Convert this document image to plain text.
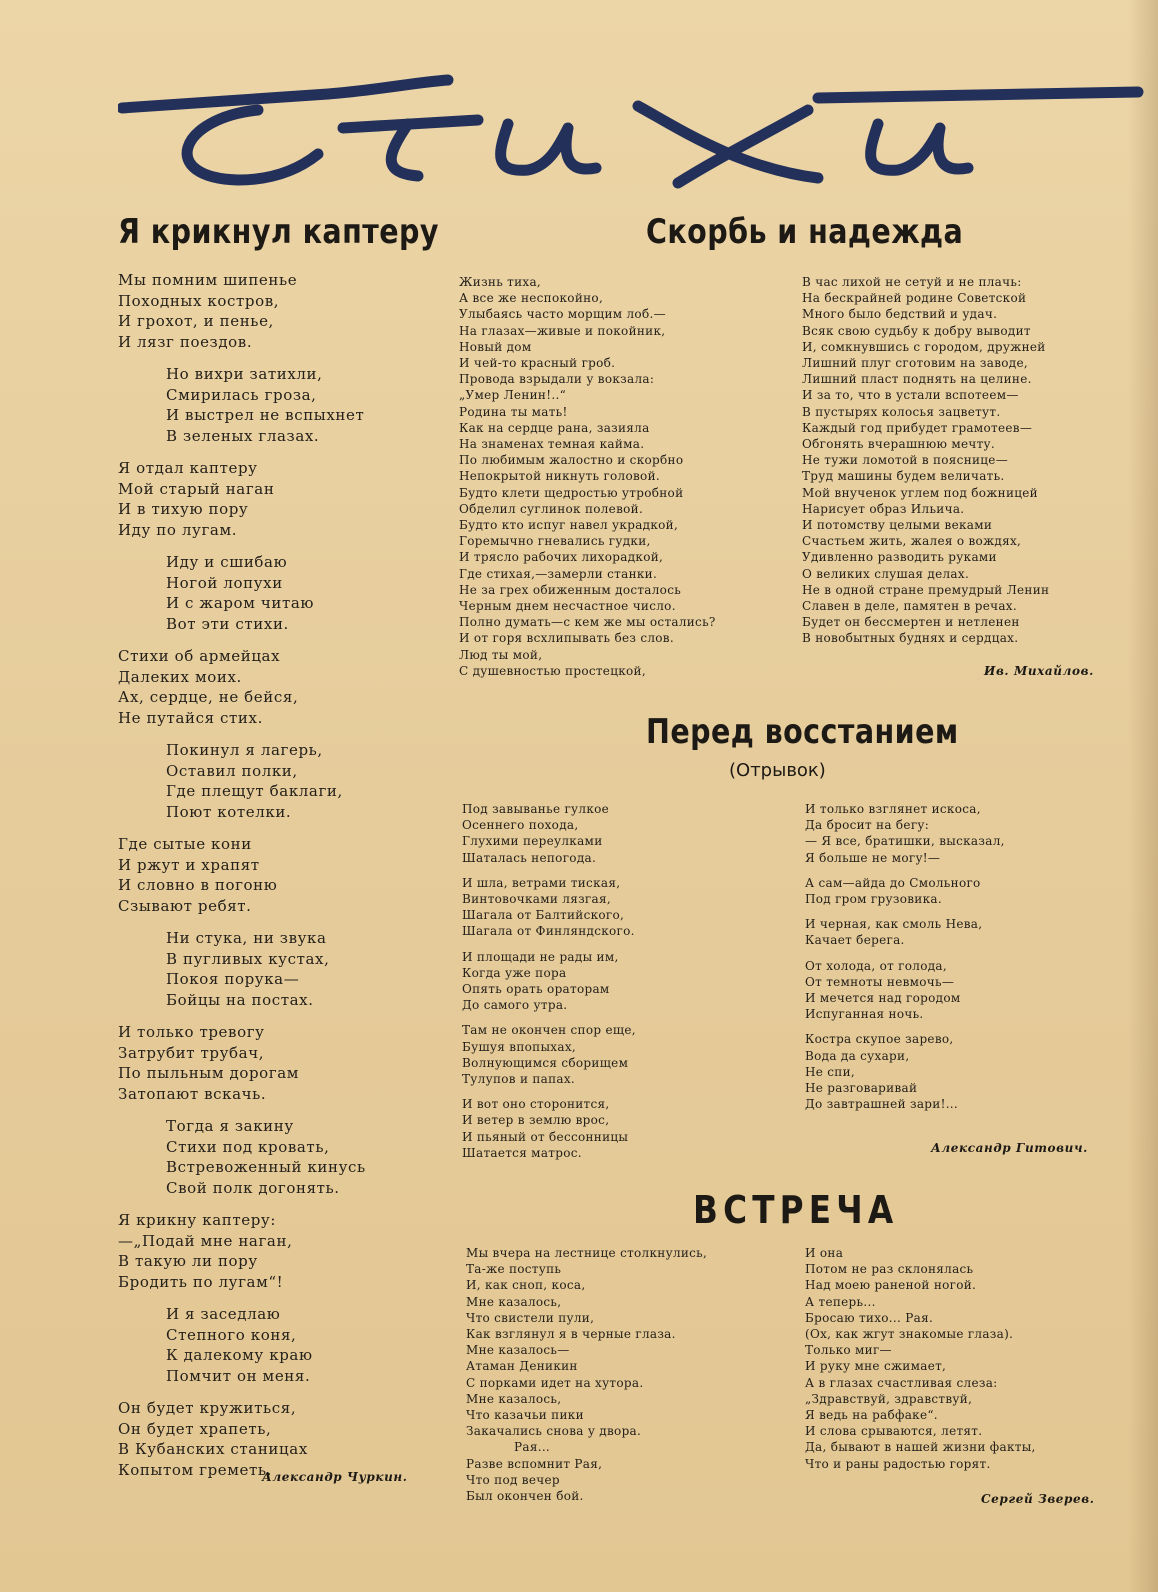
Я крикнул каптеру
Мы помним шипенье
Походных костров,
И грохот, и пенье,
И лязг поездов.
Но вихри затихли,
Смирилась гроза,
И выстрел не вспыхнет
В зеленых глазах.
Я отдал каптеру
Мой старый наган
И в тихую пору
Иду по лугам.
Иду и сшибаю
Ногой лопухи
И с жаром читаю
Вот эти стихи.
Стихи об армейцах
Далеких моих.
Ах, сердце, не бейся,
Не путайся стих.
Покинул я лагерь,
Оставил полки,
Где плещут баклаги,
Поют котелки.
Где сытые кони
И ржут и храпят
И словно в погоню
Сзывают ребят.
Ни стука, ни звука
В пугливых кустах,
Покоя порука—
Бойцы на постах.
И только тревогу
Затрубит трубач,
По пыльным дорогам
Затопают вскачь.
Тогда я закину
Стихи под кровать,
Встревоженный кинусь
Свой полк догонять.
Я крикну каптеру:
—„Подай мне наган,
В такую ли пору
Бродить по лугам“!
И я заседлаю
Степного коня,
К далекому краю
Помчит он меня.
Он будет кружиться,
Он будет храпеть,
В Кубанских станицах
Копытом греметь.
Александр Чуркин.
Скорбь и надежда
Жизнь тиха,
А все же неспокойно,
Улыбаясь часто морщим лоб.—
На глазах—живые и покойник,
Новый дом
И чей-то красный гроб.
Провода взрыдали у вокзала:
„Умер Ленин!..“
Родина ты мать!
Как на сердце рана, зазияла
На знаменах темная кайма.
По любимым жалостно и скорбно
Непокрытой никнуть головой.
Будто клети щедростью утробной
Обделил суглинок полевой.
Будто кто испуг навел украдкой,
Горемычно гневались гудки,
И трясло рабочих лихорадкой,
Где стихая,—замерли станки.
Не за грех обиженным досталось
Черным днем несчастное число.
Полно думать—с кем же мы остались?
И от горя всхлипывать без слов.
Люд ты мой,
С душевностью простецкой,
В час лихой не сетуй и не плачь:
На бескрайней родине Советской
Много было бедствий и удач.
Всяк свою судьбу к добру выводит
И, сомкнувшись с городом, дружней
Лишний плуг сготовим на заводе,
Лишний пласт поднять на целине.
И за то, что в устали вспотеем—
В пустырях колосья зацветут.
Каждый год прибудет грамотеев—
Обгонять вчерашнюю мечту.
Не тужи ломотой в пояснице—
Труд машины будем величать.
Мой внученок углем под божницей
Нарисует образ Ильича.
И потомству целыми веками
Счастьем жить, жалея о вождях,
Удивленно разводить руками
О великих слушая делах.
Не в одной стране премудрый Ленин
Славен в деле, памятен в речах.
Будет он бессмертен и нетленен
В новобытных буднях и сердцах.
Ив. Михайлов.
Перед восстанием
(Отрывок)
Под завыванье гулкое
Осеннего похода,
Глухими переулками
Шаталась непогода.
И шла, ветрами тиская,
Винтовочками лязгая,
Шагала от Балтийского,
Шагала от Финляндского.
И площади не рады им,
Когда уже пора
Опять орать ораторам
До самого утра.
Там не окончен спор еще,
Бушуя впопыхах,
Волнующимся сборищем
Тулупов и папах.
И вот оно сторонится,
И ветер в землю врос,
И пьяный от бессонницы
Шатается матрос.
И только взглянет искоса,
Да бросит на бегу:
— Я все, братишки, высказал,
Я больше не могу!—
А сам—айда до Смольного
Под гром грузовика.
И черная, как смоль Нева,
Качает берега.
От холода, от голода,
От темноты невмочь—
И мечется над городом
Испуганная ночь.
Костра скупое зарево,
Вода да сухари,
Не спи,
Не разговаривай
До завтрашней зари!...
Александр Гитович.
ВСТРЕЧА
Мы вчера на лестнице столкнулись,
Та-же поступь
И, как сноп, коса,
Мне казалось,
Что свистели пули,
Как взглянул я в черные глаза.
Мне казалось—
Атаман Деникин
С порками идет на хутора.
Мне казалось,
Что казачьи пики
Закачались снова у двора.
Рая...
Разве вспомнит Рая,
Что под вечер
Был окончен бой.
И она
Потом не раз склонялась
Над моею раненой ногой.
А теперь...
Бросаю тихо... Рая.
(Ох, как жгут знакомые глаза).
Только миг—
И руку мне сжимает,
А в глазах счастливая слеза:
„Здравствуй, здравствуй,
Я ведь на рабфаке“.
И слова срываются, летят.
Да, бывают в нашей жизни факты,
Что и раны радостью горят.
Сергей Зверев.
